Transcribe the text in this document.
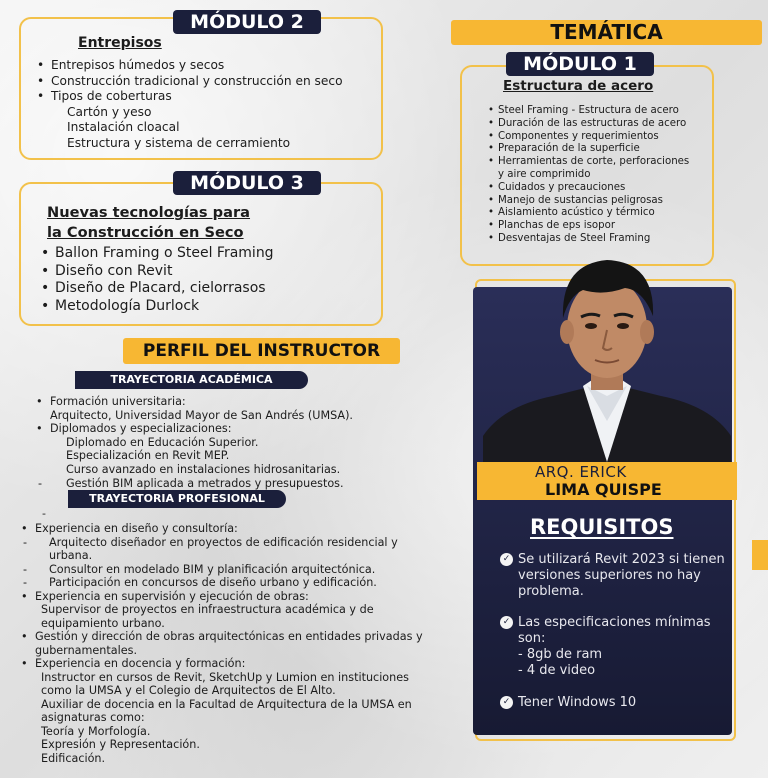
MÓDULO 2
Entrepisos
• Entrepisos húmedos y secos
• Construcción tradicional y construcción en seco
• Tipos de coberturas
Cartón y yeso
Instalación cloacal
Estructura y sistema de cerramiento
MÓDULO 3
Nuevas tecnologías para
la Construcción en Seco
• Ballon Framing o Steel Framing
• Diseño con Revit
• Diseño de Placard, cielorrasos
• Metodología Durlock
TEMÁTICA
MÓDULO 1
Estructura de acero
• Steel Framing - Estructura de acero
• Duración de las estructuras de acero
• Componentes y requerimientos
• Preparación de la superficie
• Herramientas de corte, perforaciones
y aire comprimido
• Cuidados y precauciones
• Manejo de sustancias peligrosas
• Aislamiento acústico y térmico
• Planchas de eps isopor
• Desventajas de Steel Framing
PERFIL DEL INSTRUCTOR
TRAYECTORIA ACADÉMICA
• Formación universitaria:
Arquitecto, Universidad Mayor de San Andrés (UMSA).
• Diplomados y especializaciones:
Diplomado en Educación Superior.
Especialización en Revit MEP.
Curso avanzado en instalaciones hidrosanitarias.
- Gestión BIM aplicada a metrados y presupuestos.
TRAYECTORIA PROFESIONAL
-
• Experiencia en diseño y consultoría:
- Arquitecto diseñador en proyectos de edificación residencial y
urbana.
- Consultor en modelado BIM y planificación arquitectónica.
- Participación en concursos de diseño urbano y edificación.
• Experiencia en supervisión y ejecución de obras:
Supervisor de proyectos en infraestructura académica y de
equipamiento urbano.
• Gestión y dirección de obras arquitectónicas en entidades privadas y
gubernamentales.
• Experiencia en docencia y formación:
Instructor en cursos de Revit, SketchUp y Lumion en instituciones
como la UMSA y el Colegio de Arquitectos de El Alto.
Auxiliar de docencia en la Facultad de Arquitectura de la UMSA en
asignaturas como:
Teoría y Morfología.
Expresión y Representación.
Edificación.
ARQ. ERICK
LIMA QUISPE
REQUISITOS
✓ Se utilizará Revit 2023 si tienen versiones superiores no hay problema.
✓ Las especificaciones mínimas
son:
- 8gb de ram
- 4 de video
✓ Tener Windows 10
